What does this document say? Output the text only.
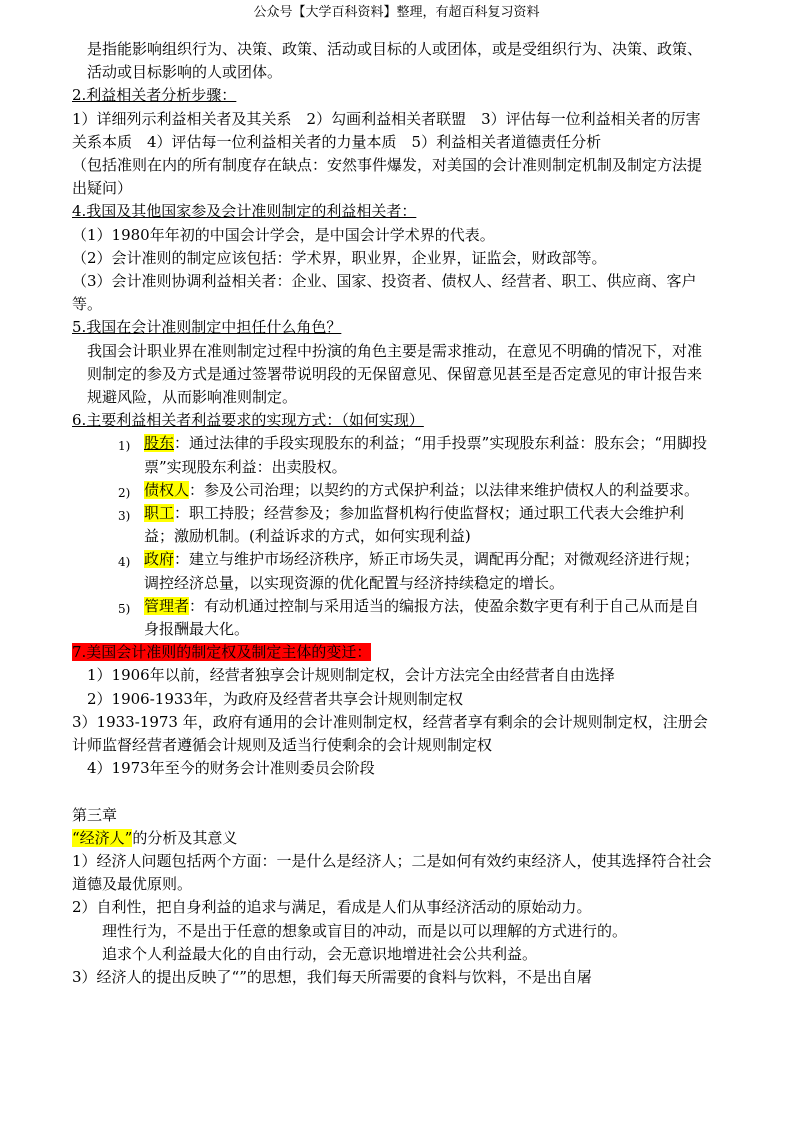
公众号【大学百科资料】整理，有超百科复习资料

是指能影响组织行为、决策、政策、活动或目标的人或团体，或是受组织行为、决策、政策、活动或目标影响的人或团体。

2.利益相关者分析步骤：

1）详细列示利益相关者及其关系　2）勾画利益相关者联盟　3）评估每一位利益相关者的厉害关系本质　4）评估每一位利益相关者的力量本质　5）利益相关者道德责任分析

（包括准则在内的所有制度存在缺点：安然事件爆发，对美国的会计准则制定机制及制定方法提出疑问）

4.我国及其他国家参及会计准则制定的利益相关者：

（1）1980年年初的中国会计学会，是中国会计学术界的代表。

（2）会计准则的制定应该包括：学术界，职业界，企业界，证监会，财政部等。

（3）会计准则协调利益相关者：企业、国家、投资者、债权人、经营者、职工、供应商、客户等。

5.我国在会计准则制定中担任什么角色？

我国会计职业界在准则制定过程中扮演的角色主要是需求推动，在意见不明确的情况下，对准则制定的参及方式是通过签署带说明段的无保留意见、保留意见甚至是否定意见的审计报告来规避风险，从而影响准则制定。

6.主要利益相关者利益要求的实现方式：（如何实现）

1) 股东：通过法律的手段实现股东的利益；“用手投票”实现股东利益：股东会；“用脚投票”实现股东利益：出卖股权。
2) 债权人：参及公司治理；以契约的方式保护利益；以法律来维护债权人的利益要求。
3) 职工：职工持股；经营参及；参加监督机构行使监督权；通过职工代表大会维护利益；激励机制。(利益诉求的方式，如何实现利益)
4) 政府：建立与维护市场经济秩序，矫正市场失灵，调配再分配；对微观经济进行规；调控经济总量，以实现资源的优化配置与经济持续稳定的增长。
5) 管理者：有动机通过控制与采用适当的编报方法，使盈余数字更有利于自己从而是自身报酬最大化。

7.美国会计准则的制定权及制定主体的变迁：

1）1906年以前，经营者独享会计规则制定权，会计方法完全由经营者自由选择

2）1906-1933年，为政府及经营者共享会计规则制定权

3）1933-1973 年，政府有通用的会计准则制定权，经营者享有剩余的会计规则制定权，注册会计师监督经营者遵循会计规则及适当行使剩余的会计规则制定权

4）1973年至今的财务会计准则委员会阶段

第三章

“经济人”的分析及其意义

1）经济人问题包括两个方面：一是什么是经济人；二是如何有效约束经济人，使其选择符合社会道德及最优原则。

2）自利性，把自身利益的追求与满足，看成是人们从事经济活动的原始动力。

理性行为，不是出于任意的想象或盲目的冲动，而是以可以理解的方式进行的。

追求个人利益最大化的自由行动，会无意识地增进社会公共利益。

3）经济人的提出反映了“”的思想，我们每天所需要的食料与饮料，不是出自屠
